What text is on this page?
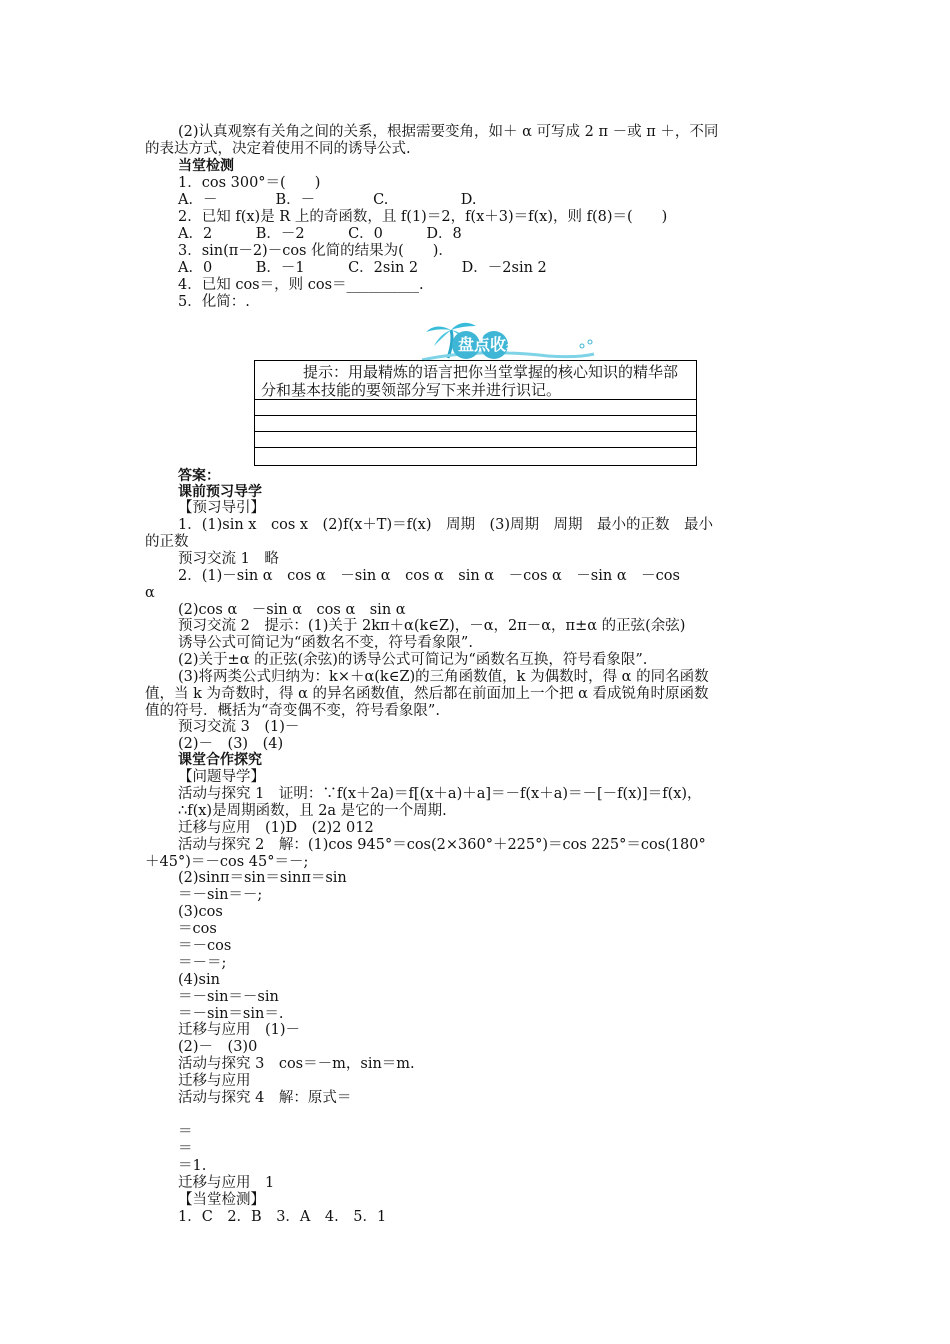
(2)认真观察有关角之间的关系，根据需要变角，如＋ α 可写成 2 π －或 π ＋，不同
的表达方式，决定着使用不同的诱导公式.
当堂检测
1．cos 300°＝(　　)
A．－　　　　B．－　　　　C.　　　　　D.
2．已知 f(x)是 R 上的奇函数，且 f(1)＝2，f(x＋3)＝f(x)，则 f(8)＝(　　)
A．2　　　B．－2　　　C．0　　　D．8
3．sin(π－2)－cos 化简的结果为(　　)．
A．0　　　B．－1　　　C．2sin 2　　　D．－2sin 2
4．已知 cos＝，则 cos＝__________.
5．化简：.
盘点收获
提示：用最精炼的语言把你当堂掌握的核心知识的精华部分和基本技能的要领部分写下来并进行识记。
答案：
课前预习导学
【预习导引】
1．(1)sin x　cos x　(2)f(x＋T)＝f(x)　周期　(3)周期　周期　最小的正数　最小
的正数
预习交流 1　略
2．(1)－sin α　cos α　－sin α　cos α　sin α　－cos α　－sin α　－cos
α
(2)cos α　－sin α　cos α　sin α
预习交流 2　提示：(1)关于 2kπ＋α(k∈Z)，－α，2π－α，π±α 的正弦(余弦)
诱导公式可简记为“函数名不变，符号看象限”.
(2)关于±α 的正弦(余弦)的诱导公式可简记为“函数名互换，符号看象限”.
(3)将两类公式归纳为：k×＋α(k∈Z)的三角函数值，k 为偶数时，得 α 的同名函数
值，当 k 为奇数时，得 α 的异名函数值，然后都在前面加上一个把 α 看成锐角时原函数
值的符号．概括为“奇变偶不变，符号看象限”.
预习交流 3　(1)－
(2)－　(3)　(4)
课堂合作探究
【问题导学】
活动与探究 1　证明：∵f(x＋2a)＝f[(x＋a)＋a]＝－f(x＋a)＝－[－f(x)]＝f(x)，
∴f(x)是周期函数，且 2a 是它的一个周期.
迁移与应用　(1)D　(2)2 012
活动与探究 2　解：(1)cos 945°＝cos(2×360°＋225°)＝cos 225°＝cos(180°
＋45°)＝－cos 45°＝－;
(2)sinπ＝sin＝sinπ＝sin
＝－sin＝－;
(3)cos
＝cos
＝－cos
＝－＝;
(4)sin
＝－sin＝－sin
＝－sin＝sin＝.
迁移与应用　(1)－
(2)－　(3)0
活动与探究 3　cos＝－m，sin＝m.
迁移与应用
活动与探究 4　解：原式＝
＝
＝
＝1.
迁移与应用　1
【当堂检测】
1．C　2．B　3．A　4.　5．1
